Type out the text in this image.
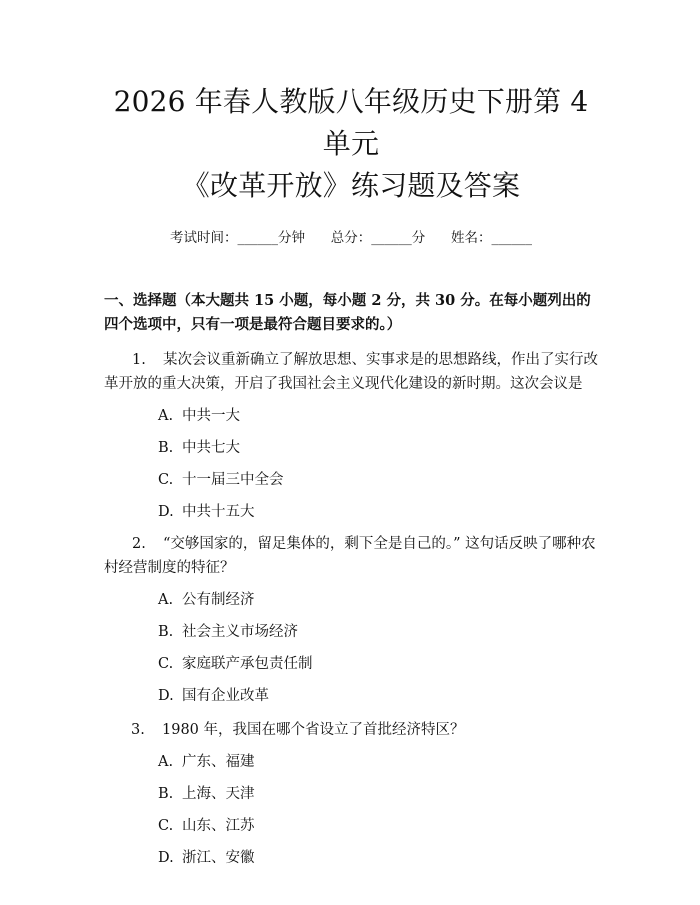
2026 年春人教版八年级历史下册第 4 单元
《改革开放》练习题及答案
考试时间：______分钟      总分：______分      姓名：______
一、选择题（本大题共 15 小题，每小题 2 分，共 30 分。在每小题列出的四个选项中，只有一项是最符合题目要求的。）

1. 某次会议重新确立了解放思想、实事求是的思想路线，作出了实行改革开放的重大决策，开启了我国社会主义现代化建设的新时期。这次会议是

A. 中共一大
B. 中共七大
C. 十一届三中全会
D. 中共十五大

2. “交够国家的，留足集体的，剩下全是自己的。” 这句话反映了哪种农村经营制度的特征？

A. 公有制经济
B. 社会主义市场经济
C. 家庭联产承包责任制
D. 国有企业改革

3. 1980 年，我国在哪个省设立了首批经济特区？

A. 广东、福建
B. 上海、天津
C. 山东、江苏
D. 浙江、安徽
